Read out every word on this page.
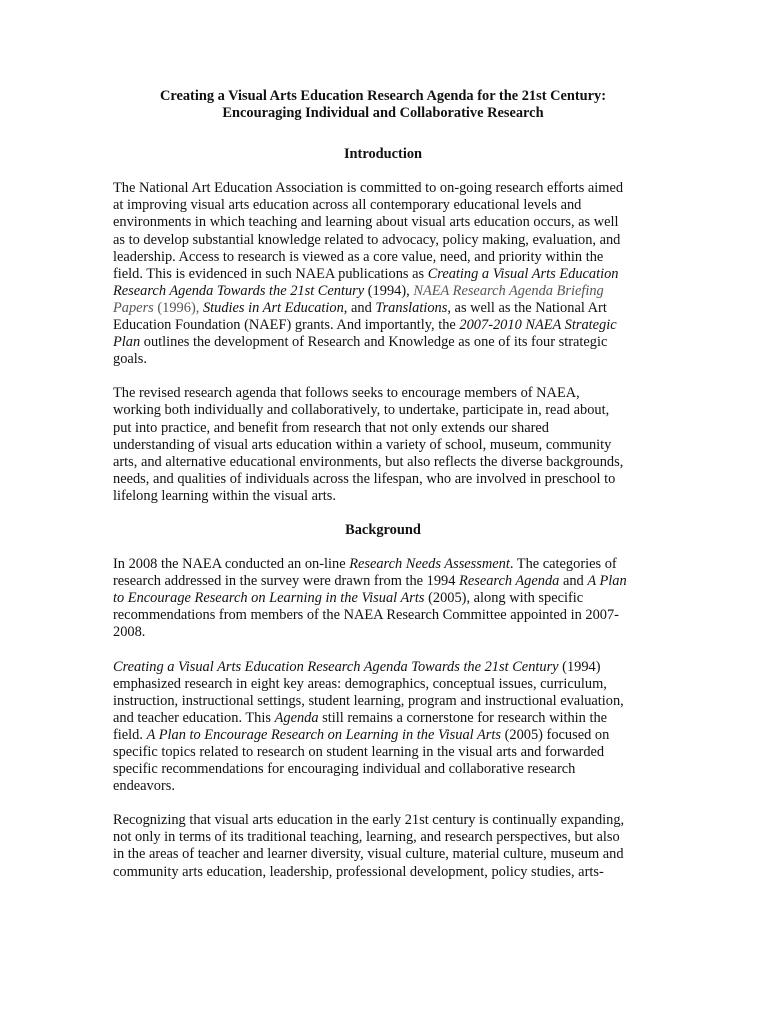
Creating a Visual Arts Education Research Agenda for the 21st Century:
Encouraging Individual and Collaborative Research
Introduction

The National Art Education Association is committed to on-going research efforts aimed
at improving visual arts education across all contemporary educational levels and
environments in which teaching and learning about visual arts education occurs, as well
as to develop substantial knowledge related to advocacy, policy making, evaluation, and
leadership. Access to research is viewed as a core value, need, and priority within the
field. This is evidenced in such NAEA publications as Creating a Visual Arts Education
Research Agenda Towards the 21st Century (1994), NAEA Research Agenda Briefing
Papers (1996), Studies in Art Education, and Translations, as well as the National Art
Education Foundation (NAEF) grants. And importantly, the 2007-2010 NAEA Strategic
Plan outlines the development of Research and Knowledge as one of its four strategic
goals.

The revised research agenda that follows seeks to encourage members of NAEA,
working both individually and collaboratively, to undertake, participate in, read about,
put into practice, and benefit from research that not only extends our shared
understanding of visual arts education within a variety of school, museum, community
arts, and alternative educational environments, but also reflects the diverse backgrounds,
needs, and qualities of individuals across the lifespan, who are involved in preschool to
lifelong learning within the visual arts.

Background

In 2008 the NAEA conducted an on-line Research Needs Assessment. The categories of
research addressed in the survey were drawn from the 1994 Research Agenda and A Plan
to Encourage Research on Learning in the Visual Arts (2005), along with specific
recommendations from members of the NAEA Research Committee appointed in 2007-
2008.

Creating a Visual Arts Education Research Agenda Towards the 21st Century (1994)
emphasized research in eight key areas: demographics, conceptual issues, curriculum,
instruction, instructional settings, student learning, program and instructional evaluation,
and teacher education. This Agenda still remains a cornerstone for research within the
field. A Plan to Encourage Research on Learning in the Visual Arts (2005) focused on
specific topics related to research on student learning in the visual arts and forwarded
specific recommendations for encouraging individual and collaborative research
endeavors.

Recognizing that visual arts education in the early 21st century is continually expanding,
not only in terms of its traditional teaching, learning, and research perspectives, but also
in the areas of teacher and learner diversity, visual culture, material culture, museum and
community arts education, leadership, professional development, policy studies, arts-
